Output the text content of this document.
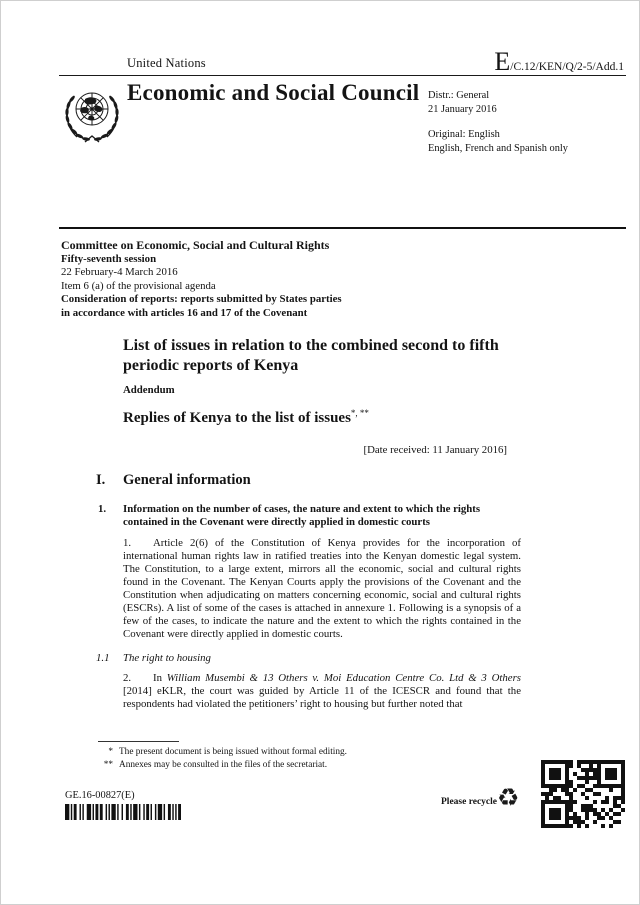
United Nations	E /C.12/KEN/Q/2-5/Add.1
Economic and Social Council Distr.: General
21 January 2016
Original: English
English, French and Spanish only
Committee on Economic, Social and Cultural Rights
Fifty-seventh session
22 February-4 March 2016
Item 6 (a) of the provisional agenda
Consideration of reports: reports submitted by States parties
in accordance with articles 16 and 17 of the Covenant
List of issues in relation to the combined second to fifth
periodic reports of Kenya
Addendum
Replies of Kenya to the list of issues*, **
[Date received: 11 January 2016]
I. General information
1. Information on the number of cases, the nature and extent to which the rights
contained in the Covenant were directly applied in domestic courts
1. Article 2(6) of the Constitution of Kenya provides for the incorporation of international human rights law in ratified treaties into the Kenyan domestic legal system. The Constitution, to a large extent, mirrors all the economic, social and cultural rights found in the Covenant. The Kenyan Courts apply the provisions of the Covenant and the Constitution when adjudicating on matters concerning economic, social and cultural rights (ESCRs). A list of some of the cases is attached in annexure 1. Following is a synopsis of a few of the cases, to indicate the nature and the extent to which the rights contained in the Covenant were directly applied in domestic courts.
1.1 The right to housing
2. In William Musembi & 13 Others v. Moi Education Centre Co. Ltd & 3 Others [2014] eKLR, the court was guided by Article 11 of the ICESCR and found that the respondents had violated the petitioners’ right to housing but further noted that
* The present document is being issued without formal editing.
** Annexes may be consulted in the files of the secretariat.
GE.16-00827(E)
Please recycle ♻
